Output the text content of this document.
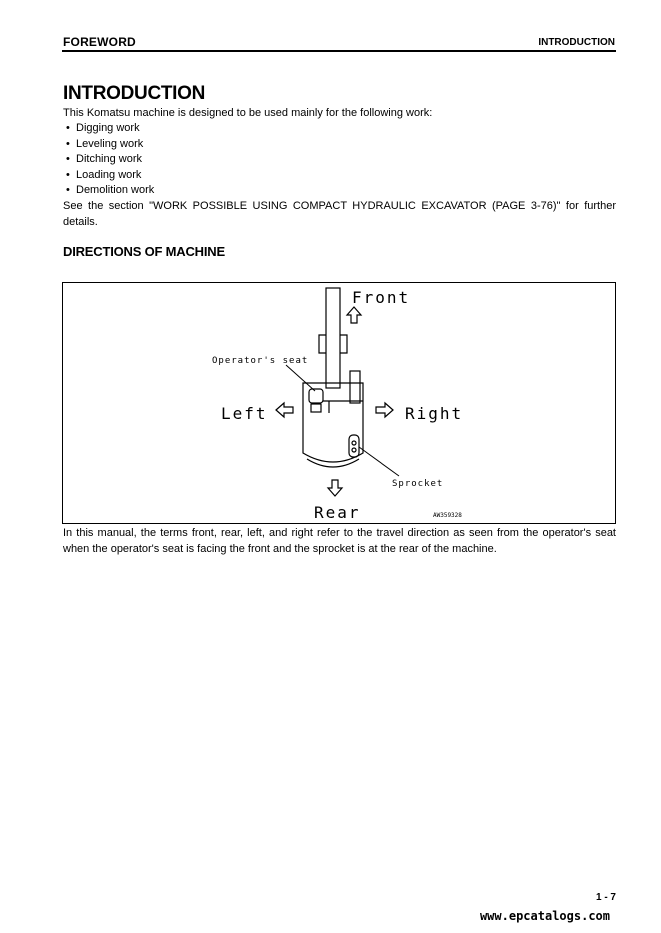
FOREWORD	INTRODUCTION
INTRODUCTION
This Komatsu machine is designed to be used mainly for the following work:
• Digging work
• Leveling work
• Ditching work
• Loading work
• Demolition work
See the section "WORK POSSIBLE USING COMPACT HYDRAULIC EXCAVATOR (PAGE 3-76)" for further details.
DIRECTIONS OF MACHINE
Front
Rear
Left	Right
Operator's seat
Sprocket
AW359328
In this manual, the terms front, rear, left, and right refer to the travel direction as seen from the operator's seat when the operator's seat is facing the front and the sprocket is at the rear of the machine.
1 - 7
www.epcatalogs.com
